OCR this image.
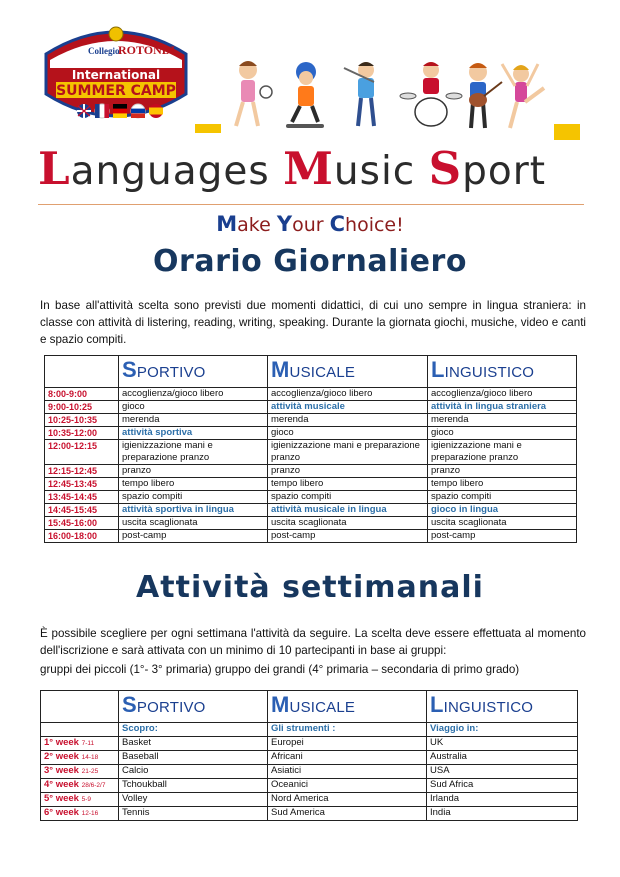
Collegio
ROTONDI
International
SUMMER CAMP
Languages Music Sport
Make Your Choice!
Orario Giornaliero

In base all'attività scelta sono previsti due momenti didattici, di cui uno sempre in lingua straniera: in classe con attività di listering, reading, writing, speaking. Durante la giornata giochi, musiche, video e canti e spazio compiti.

	SPORTIVO	MUSICALE	LINGUISTICO
8:00-9:00	accoglienza/gioco libero	accoglienza/gioco libero	accoglienza/gioco libero
9:00-10:25	gioco	attività musicale	attività in lingua straniera
10:25-10:35	merenda	merenda	merenda
10:35-12:00	attività sportiva	gioco	gioco
12:00-12:15	igienizzazione mani e preparazione pranzo	igienizzazione mani e preparazione pranzo	igienizzazione mani e preparazione pranzo
12:15-12:45	pranzo	pranzo	pranzo
12:45-13:45	tempo libero	tempo libero	tempo libero
13:45-14:45	spazio compiti	spazio compiti	spazio compiti
14:45-15:45	attività sportiva in lingua	attività musicale in lingua	gioco in lingua
15:45-16:00	uscita scaglionata	uscita scaglionata	uscita scaglionata
16:00-18:00	post-camp	post-camp	post-camp
Attività settimanali

È possibile scegliere per ogni settimana l'attività da seguire. La scelta deve essere effettuata al momento dell'iscrizione e sarà attivata con un minimo di 10 partecipanti in base ai gruppi:

gruppi dei piccoli (1°- 3° primaria) gruppo dei grandi (4° primaria – secondaria di primo grado)

	SPORTIVO	MUSICALE	LINGUISTICO
	Scopro:	Gli strumenti :	Viaggio in:
1° week 7-11	Basket	Europei	UK
2° week 14-18	Baseball	Africani	Australia
3° week 21-25	Calcio	Asiatici	USA
4° week 28/6-2/7	Tchoukball	Oceanici	Sud Africa
5° week 5-9	Volley	Nord America	Irlanda
6° week 12-16	Tennis	Sud America	India
